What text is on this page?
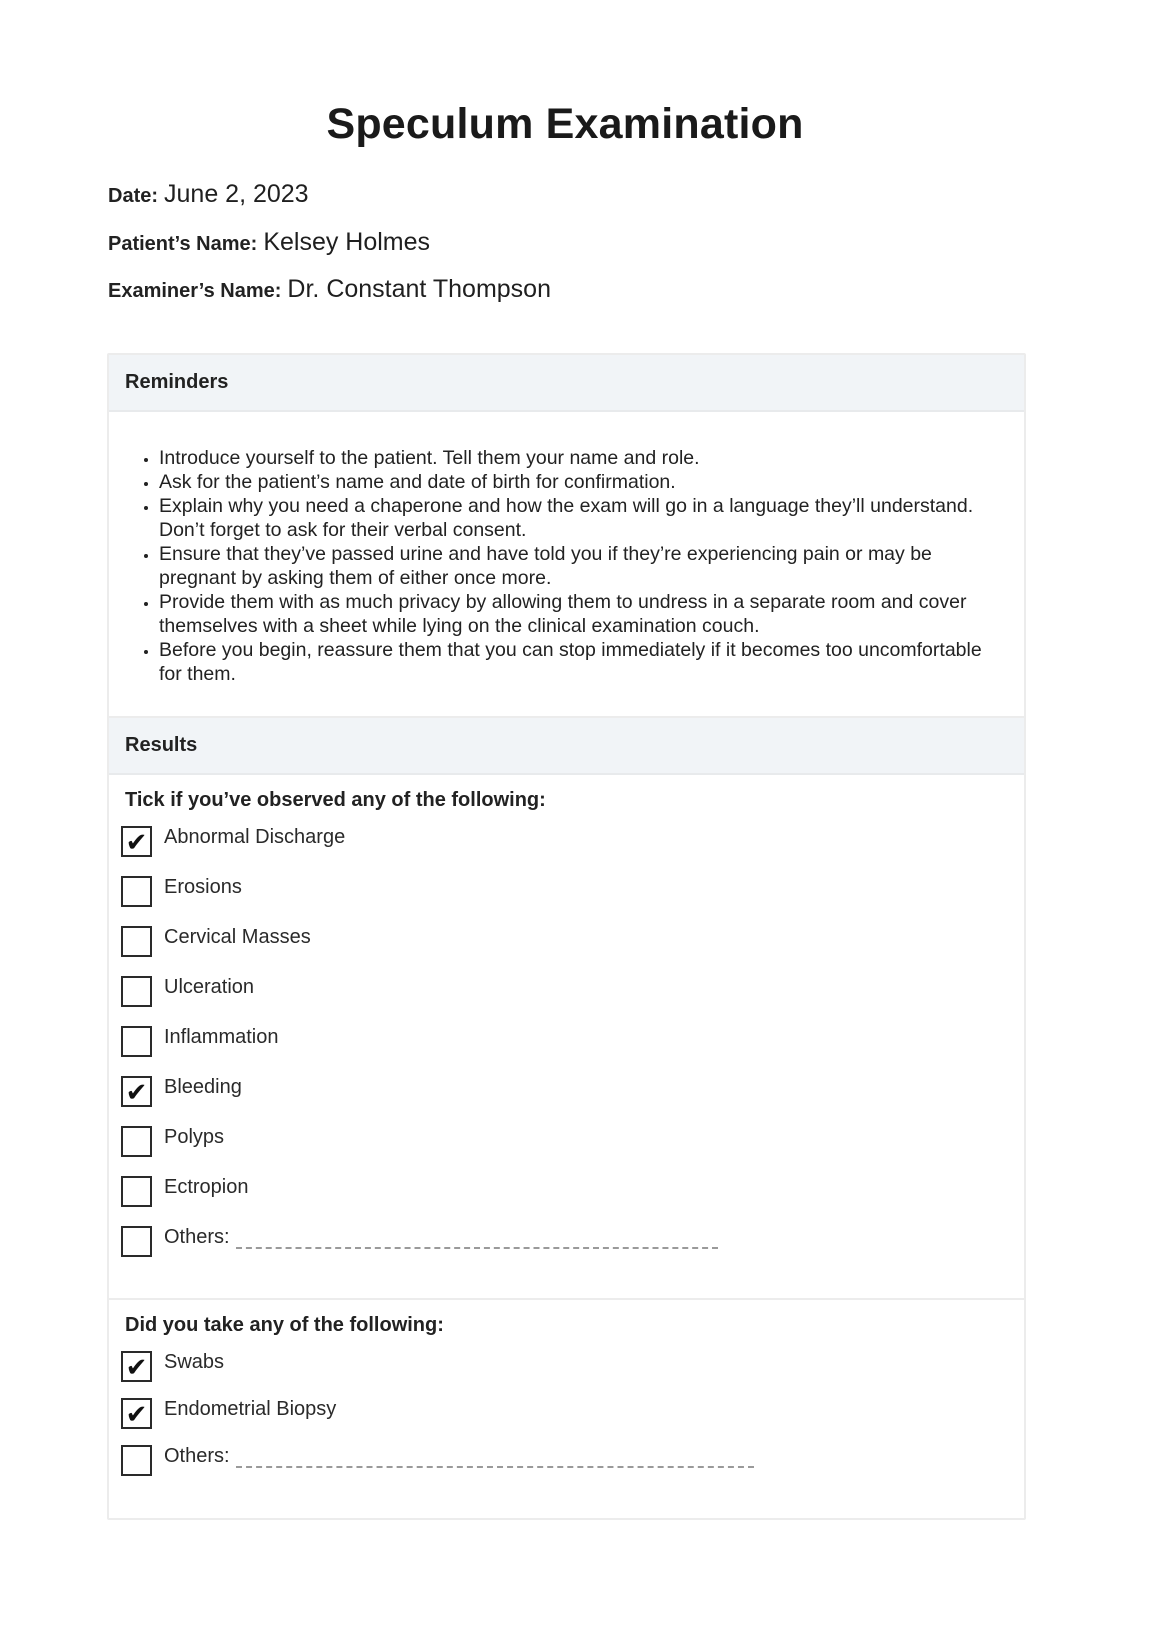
Speculum Examination
Date: June 2, 2023
Patient’s Name: Kelsey Holmes
Examiner’s Name: Dr. Constant Thompson
Reminders
• Introduce yourself to the patient. Tell them your name and role.
• Ask for the patient’s name and date of birth for confirmation.
• Explain why you need a chaperone and how the exam will go in a language they’ll understand. Don’t forget to ask for their verbal consent.
• Ensure that they’ve passed urine and have told you if they’re experiencing pain or may be pregnant by asking them of either once more.
• Provide them with as much privacy by allowing them to undress in a separate room and cover themselves with a sheet while lying on the clinical examination couch.
• Before you begin, reassure them that you can stop immediately if it becomes too uncomfortable for them.
Results
Tick if you’ve observed any of the following:
✔ Abnormal Discharge
Erosions
Cervical Masses
Ulceration
Inflammation
✔ Bleeding
Polyps
Ectropion
Others:
Did you take any of the following:
✔ Swabs
✔ Endometrial Biopsy
Others:
